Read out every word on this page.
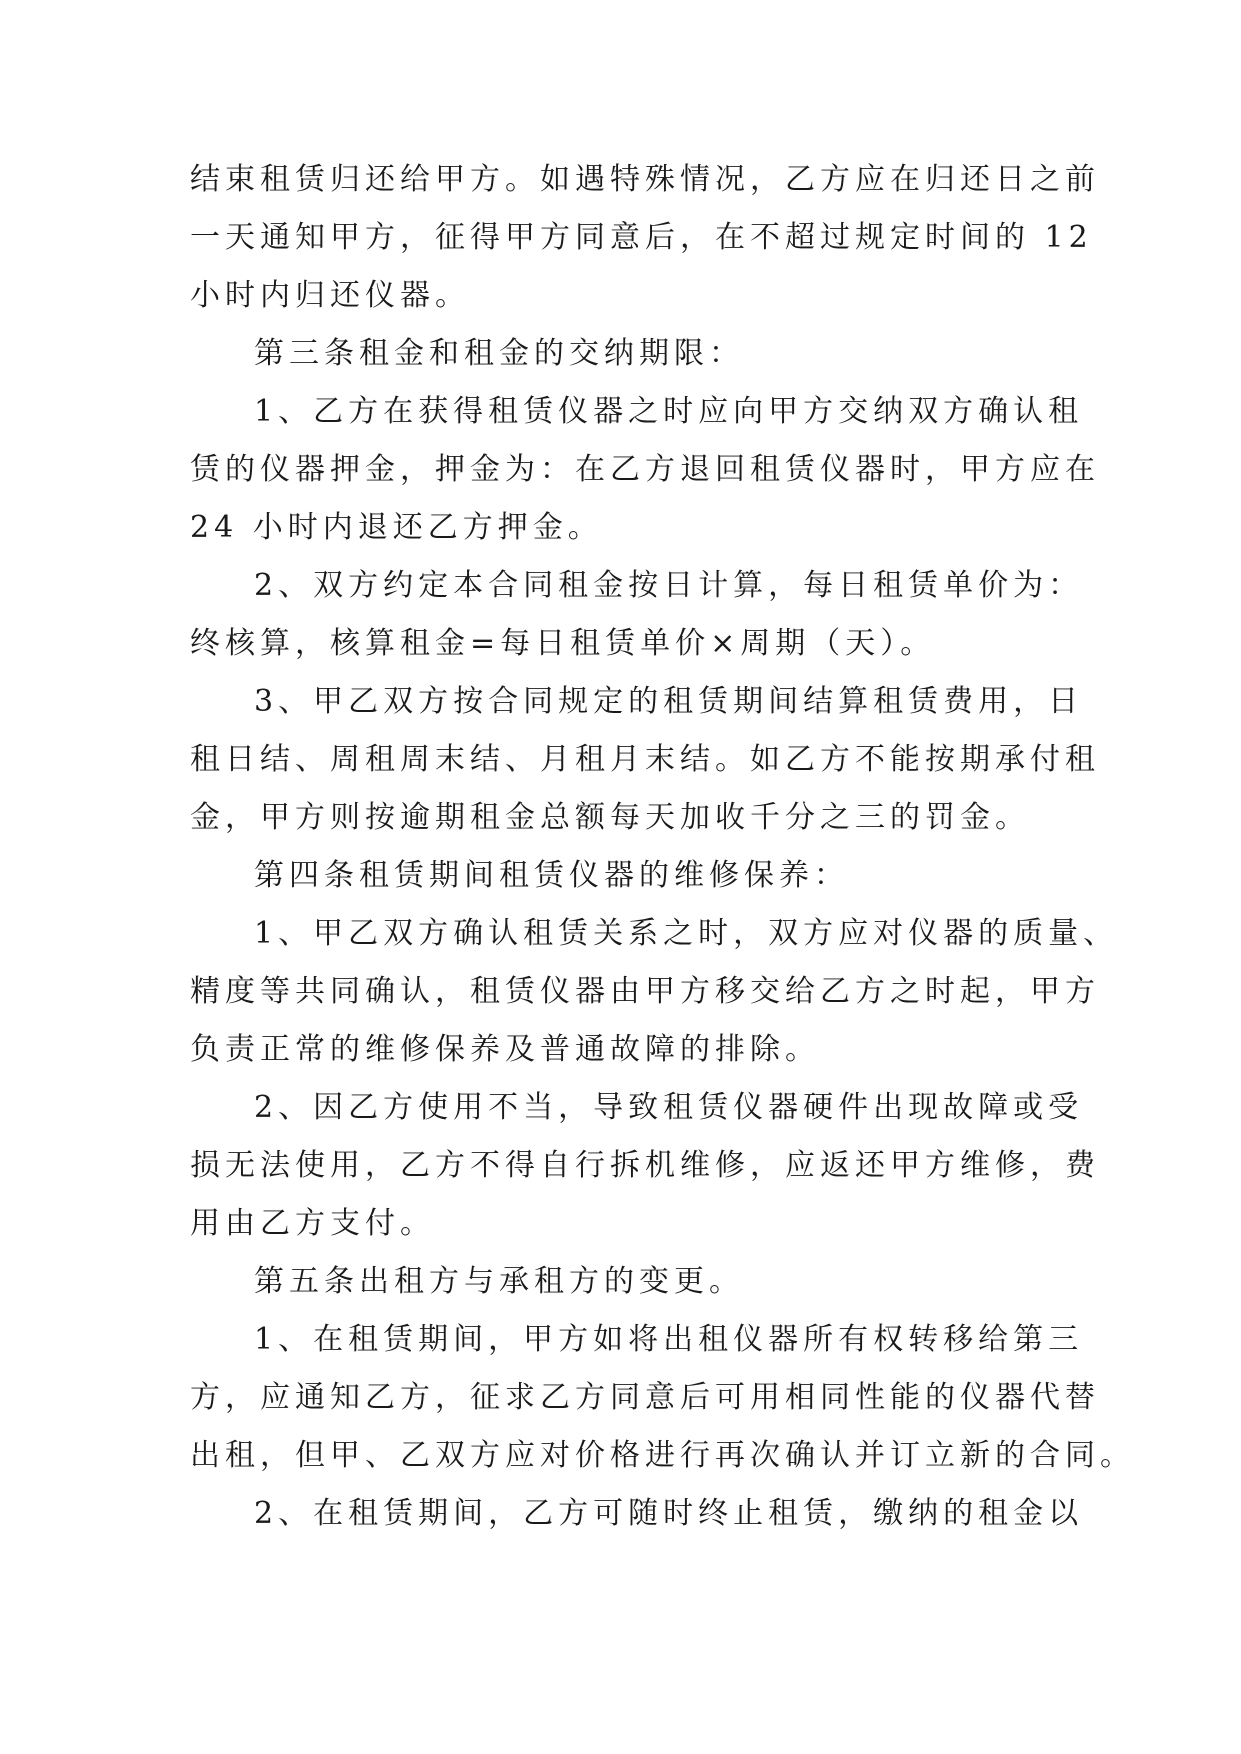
结束租赁归还给甲方。如遇特殊情况，乙方应在归还日之前
一天通知甲方，征得甲方同意后，在不超过规定时间的 12
小时内归还仪器。
第三条租金和租金的交纳期限：
1、乙方在获得租赁仪器之时应向甲方交纳双方确认租
赁的仪器押金，押金为：在乙方退回租赁仪器时，甲方应在
24 小时内退还乙方押金。
2、双方约定本合同租金按日计算，每日租赁单价为：
终核算，核算租金=每日租赁单价×周期（天）。
3、甲乙双方按合同规定的租赁期间结算租赁费用，日
租日结、周租周末结、月租月末结。如乙方不能按期承付租
金，甲方则按逾期租金总额每天加收千分之三的罚金。
第四条租赁期间租赁仪器的维修保养：
1、甲乙双方确认租赁关系之时，双方应对仪器的质量、
精度等共同确认，租赁仪器由甲方移交给乙方之时起，甲方
负责正常的维修保养及普通故障的排除。
2、因乙方使用不当，导致租赁仪器硬件出现故障或受
损无法使用，乙方不得自行拆机维修，应返还甲方维修，费
用由乙方支付。
第五条出租方与承租方的变更。
1、在租赁期间，甲方如将出租仪器所有权转移给第三
方，应通知乙方，征求乙方同意后可用相同性能的仪器代替
出租，但甲、乙双方应对价格进行再次确认并订立新的合同。
2、在租赁期间，乙方可随时终止租赁，缴纳的租金以
